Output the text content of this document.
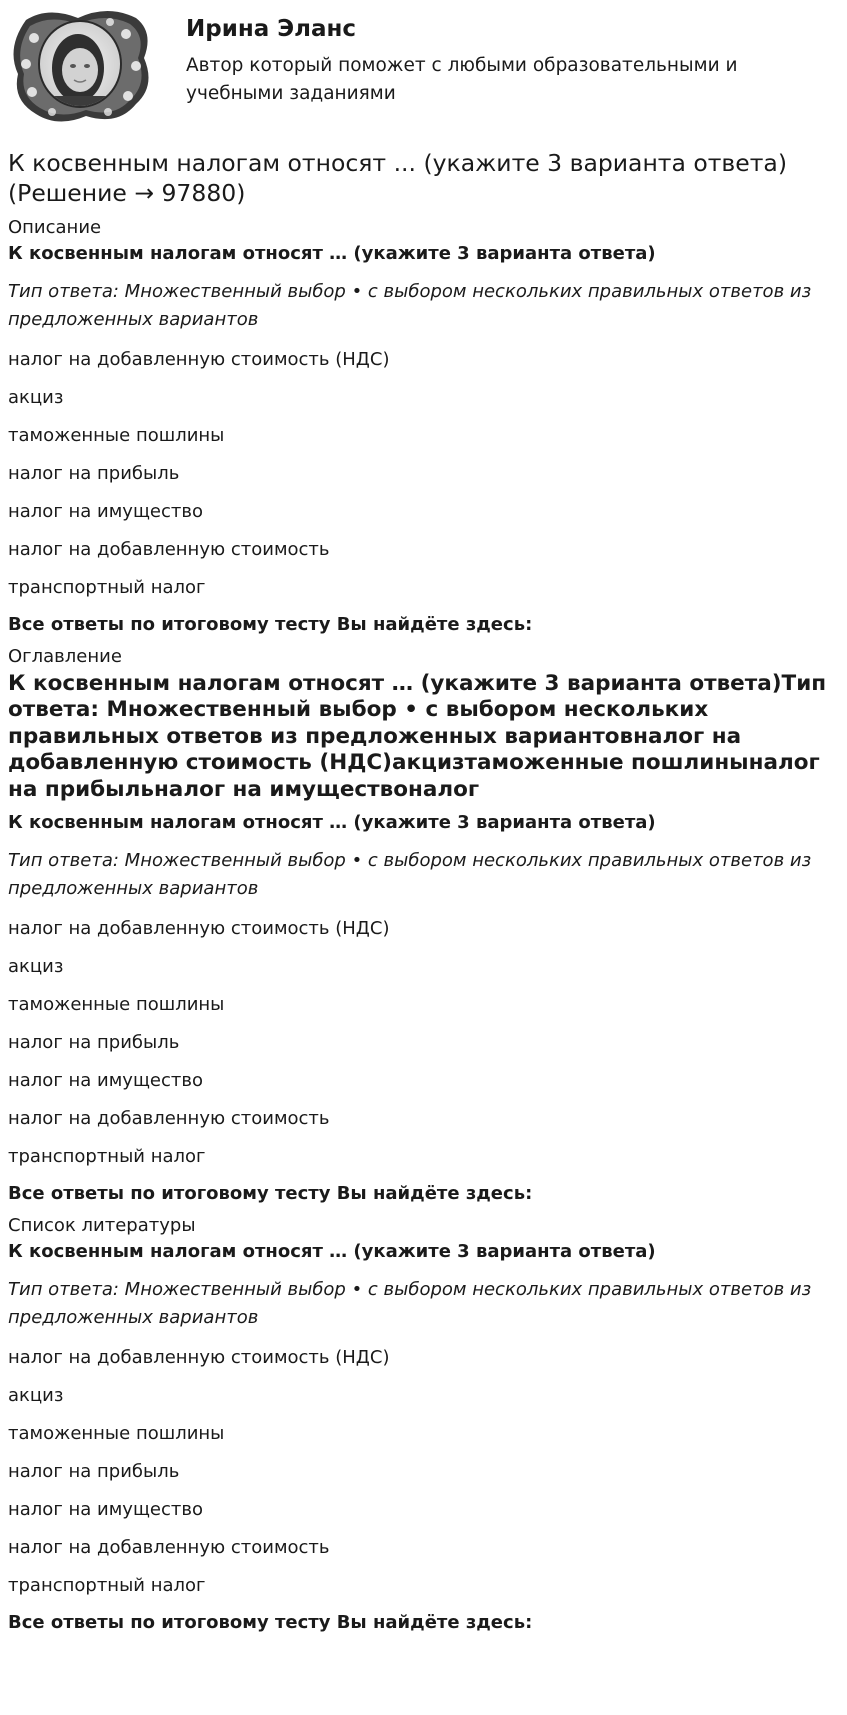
Ирина Эланс

Автор который поможет с любыми образовательными и учебными заданиями

К косвенным налогам относят ... (укажите 3 варианта ответа) (Решение → 97880)
Описание
К косвенным налогам относят … (укажите 3 варианта ответа)
Тип ответа: Множественный выбор • с выбором нескольких правильных ответов из предложенных вариантов
налог на добавленную стоимость (НДС)
акциз
таможенные пошлины
налог на прибыль
налог на имущество
налог на добавленную стоимость
транспортный налог
Все ответы по итоговому тесту Вы найдёте здесь:
Оглавление
К косвенным налогам относят … (укажите 3 варианта ответа)Тип ответа: Множественный выбор • с выбором нескольких правильных ответов из предложенных вариантовналог на добавленную стоимость (НДС)акцизтаможенные пошлиныналог на прибыльналог на имуществоналог
К косвенным налогам относят … (укажите 3 варианта ответа)
Тип ответа: Множественный выбор • с выбором нескольких правильных ответов из предложенных вариантов
налог на добавленную стоимость (НДС)
акциз
таможенные пошлины
налог на прибыль
налог на имущество
налог на добавленную стоимость
транспортный налог
Все ответы по итоговому тесту Вы найдёте здесь:
Список литературы
К косвенным налогам относят … (укажите 3 варианта ответа)
Тип ответа: Множественный выбор • с выбором нескольких правильных ответов из предложенных вариантов
налог на добавленную стоимость (НДС)
акциз
таможенные пошлины
налог на прибыль
налог на имущество
налог на добавленную стоимость
транспортный налог
Все ответы по итоговому тесту Вы найдёте здесь:
